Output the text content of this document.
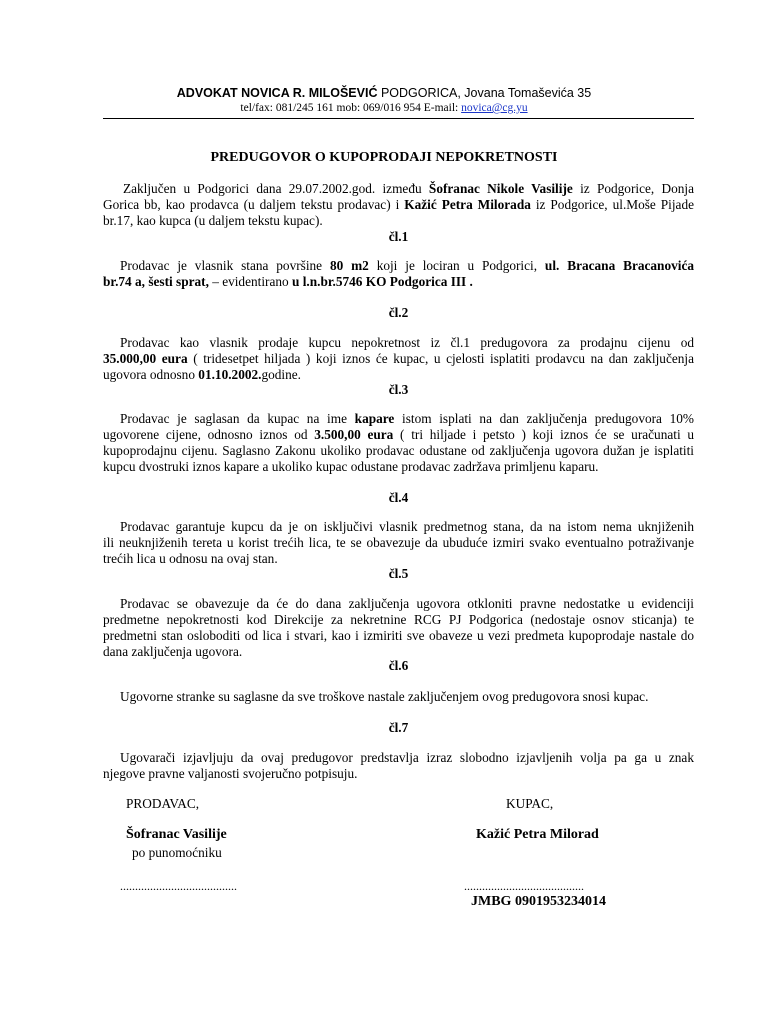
ADVOKAT NOVICA R. MILOŠEVIĆ PODGORICA, Jovana Tomaševića 35
tel/fax: 081/245 161 mob: 069/016 954 E-mail: novica@cg.yu
PREDUGOVOR O KUPOPRODAJI NEPOKRETNOSTI
Zaključen u Podgorici dana 29.07.2002.god. između Šofranac Nikole Vasilije iz Podgorice, Donja
Gorica bb, kao prodavca (u daljem tekstu prodavac) i Kažić Petra Milorada iz Podgorice, ul.Moše Pijade
br.17, kao kupca (u daljem tekstu kupac).
čl.1
Prodavac je vlasnik stana površine 80 m2 koji je lociran u Podgorici, ul. Bracana Bracanovića
br.74 a, šesti sprat, – evidentirano u l.n.br.5746 KO Podgorica III .
čl.2
Prodavac kao vlasnik prodaje kupcu nepokretnost iz čl.1 predugovora za prodajnu cijenu od
35.000,00 eura ( tridesetpet hiljada ) koji iznos će kupac, u cjelosti isplatiti prodavcu na dan zaključenja
ugovora odnosno 01.10.2002.godine.
čl.3
Prodavac je saglasan da kupac na ime kapare istom isplati na dan zaključenja predugovora 10%
ugovorene cijene, odnosno iznos od 3.500,00 eura ( tri hiljade i petsto ) koji iznos će se uračunati u
kupoprodajnu cijenu. Saglasno Zakonu ukoliko prodavac odustane od zaključenja ugovora dužan je isplatiti
kupcu dvostruki iznos kapare a ukoliko kupac odustane prodavac zadržava primljenu kaparu.
čl.4
Prodavac garantuje kupcu da je on isključivi vlasnik predmetnog stana, da na istom nema uknjiženih
ili neuknjiženih tereta u korist trećih lica, te se obavezuje da ubuduće izmiri svako eventualno potraživanje
trećih lica u odnosu na ovaj stan.
čl.5
Prodavac se obavezuje da će do dana zaključenja ugovora otkloniti pravne nedostatke u evidenciji
predmetne nepokretnosti kod Direkcije za nekretnine RCG PJ Podgorica (nedostaje osnov sticanja) te
predmetni stan osloboditi od lica i stvari, kao i izmiriti sve obaveze u vezi predmeta kupoprodaje nastale do
dana zaključenja ugovora.
čl.6
Ugovorne stranke su saglasne da sve troškove nastale zaključenjem ovog predugovora snosi kupac.
čl.7
Ugovarači izjavljuju da ovaj predugovor predstavlja izraz slobodno izjavljenih volja pa ga u znak
njegove pravne valjanosti svojeručno potpisuju.
PRODAVAC,	KUPAC,
Šofranac Vasilije	Kažić Petra Milorad
po punomoćniku
.......................................	........................................
JMBG 0901953234014
